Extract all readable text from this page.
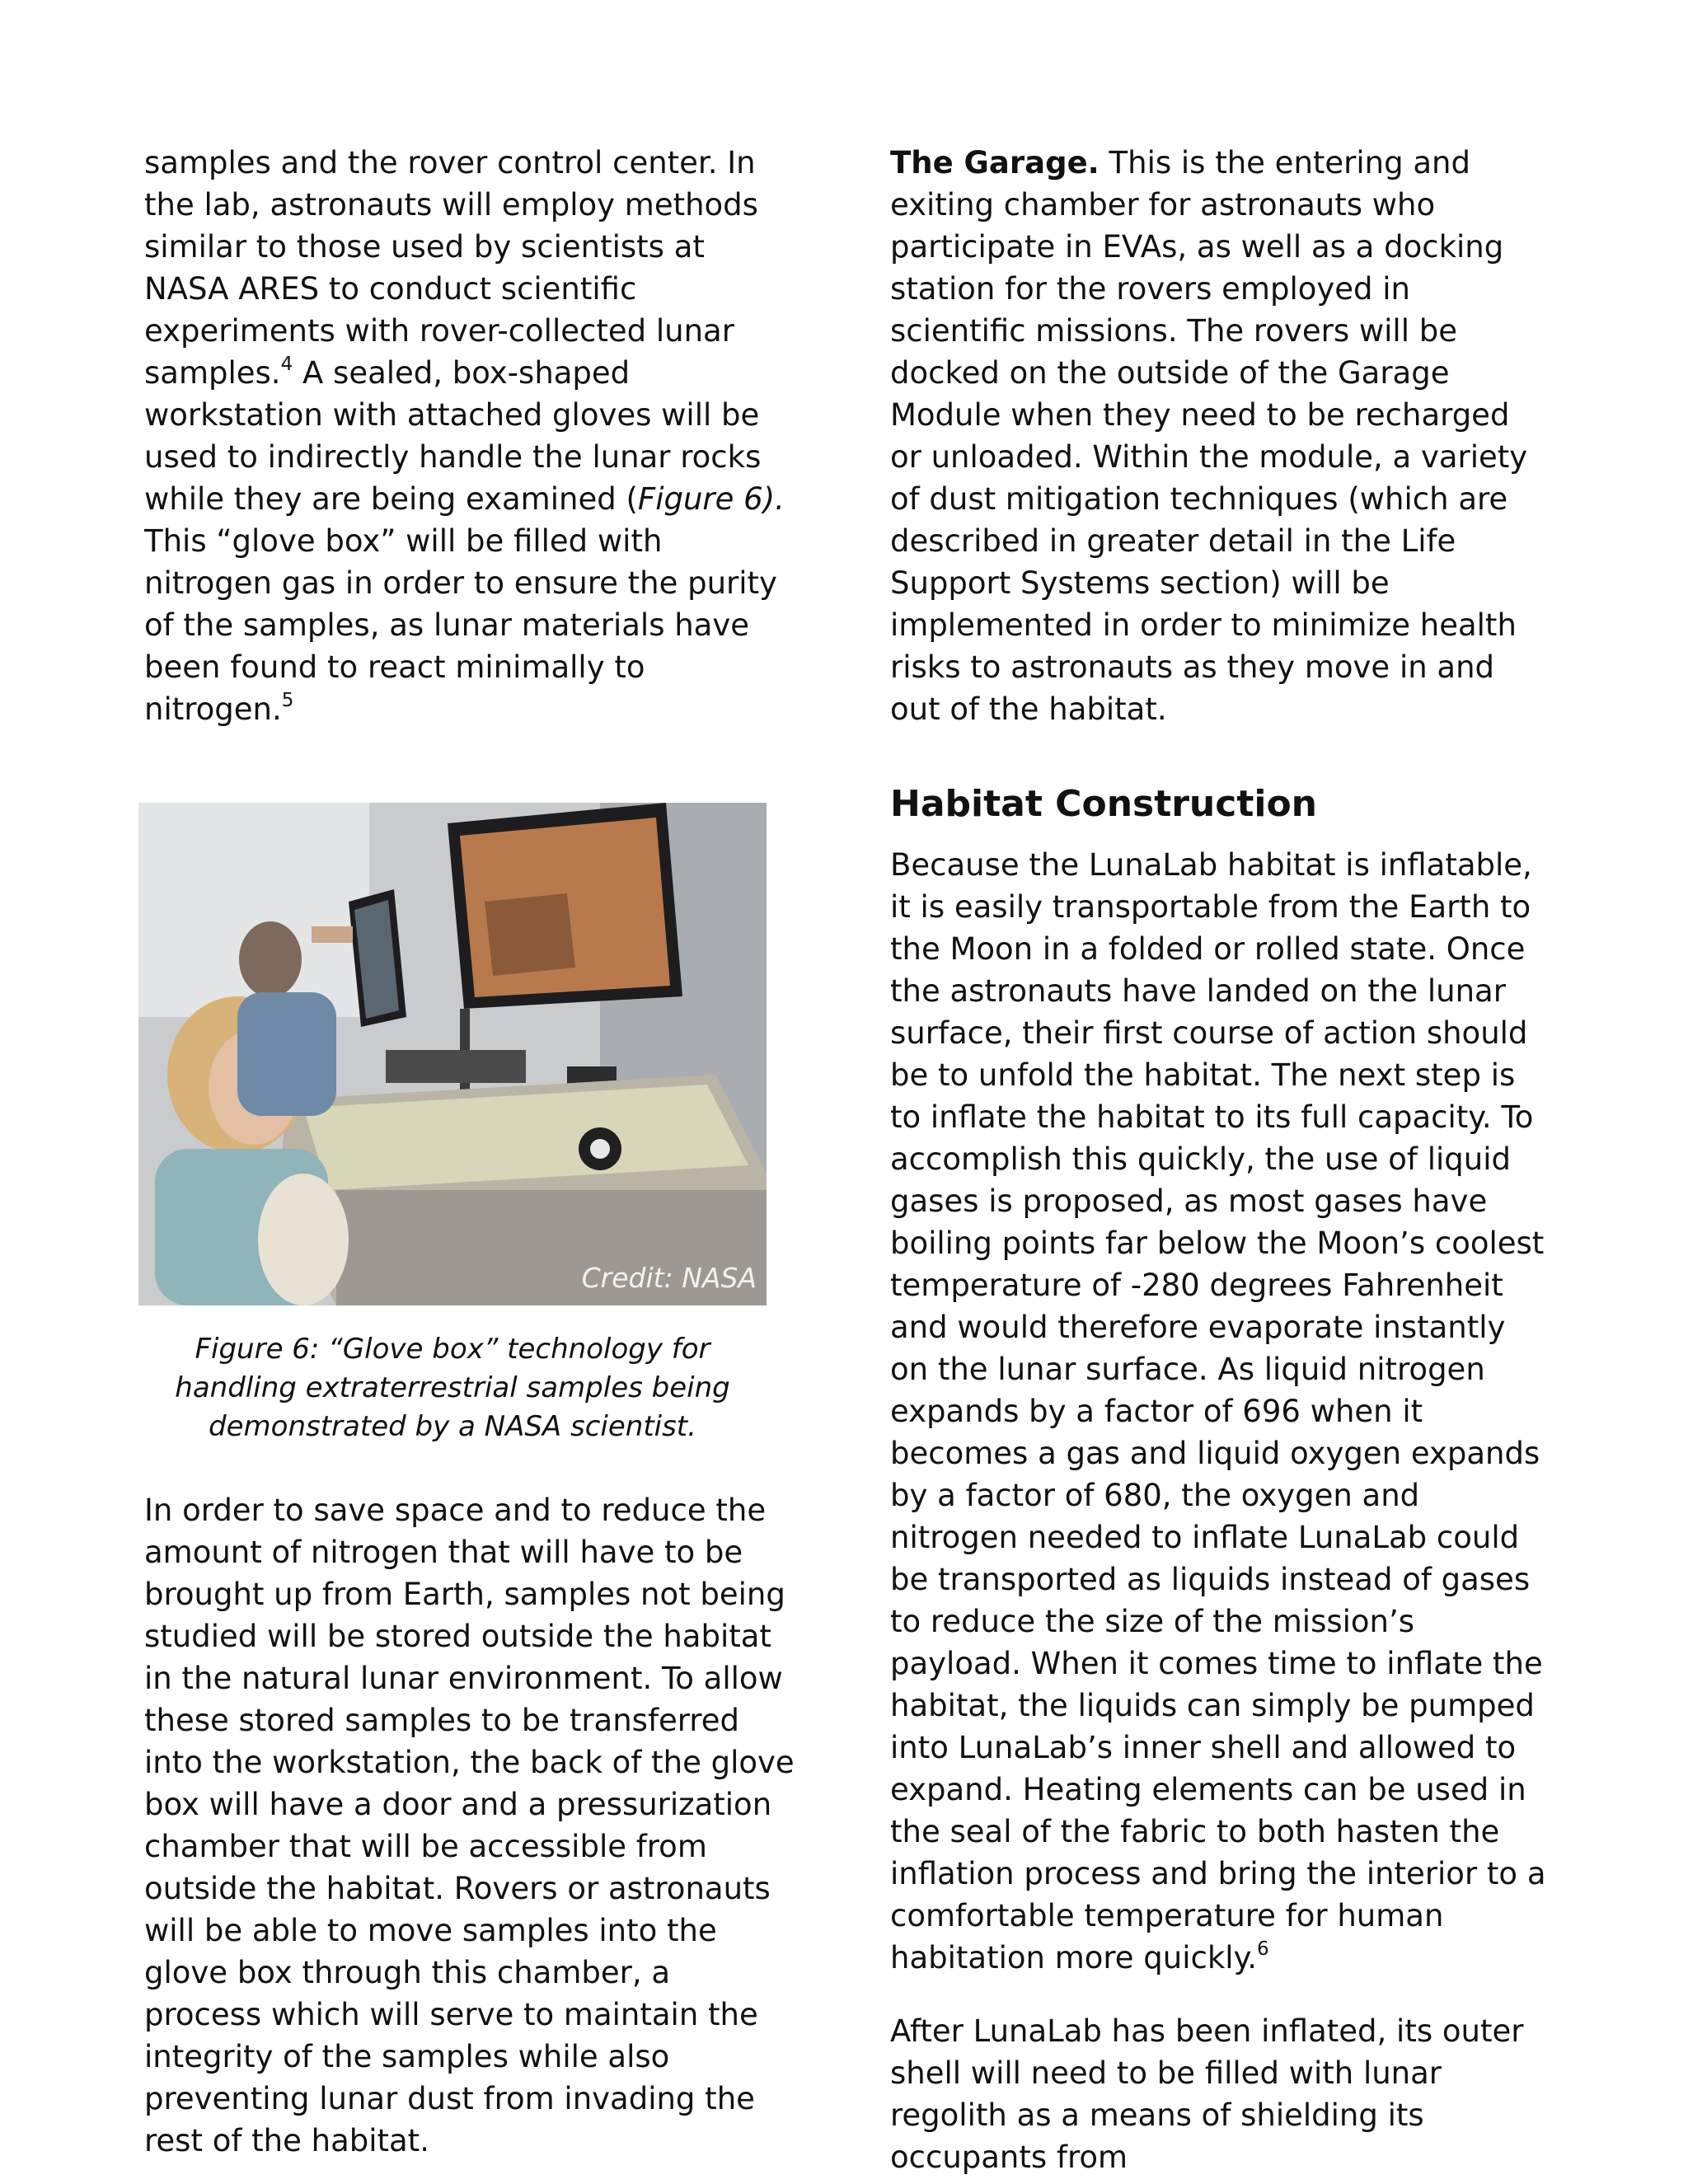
samples and the rover control center. In the lab, astronauts will employ methods similar to those used by scientists at NASA ARES to conduct scientific experiments with rover-collected lunar samples.$^4$ A sealed, box-shaped workstation with attached gloves will be used to indirectly handle the lunar rocks while they are being examined (Figure 6). This “glove box” will be filled with nitrogen gas in order to ensure the purity of the samples, as lunar materials have been found to react minimally to nitrogen.$^5$

Credit: NASA

Figure 6: “Glove box” technology for handling extraterrestrial samples being demonstrated by a NASA scientist.

In order to save space and to reduce the amount of nitrogen that will have to be brought up from Earth, samples not being studied will be stored outside the habitat in the natural lunar environment. To allow these stored samples to be transferred into the workstation, the back of the glove box will have a door and a pressurization chamber that will be accessible from outside the habitat. Rovers or astronauts will be able to move samples into the glove box through this chamber, a process which will serve to maintain the integrity of the samples while also preventing lunar dust from invading the rest of the habitat.

The Garage. This is the entering and exiting chamber for astronauts who participate in EVAs, as well as a docking station for the rovers employed in scientific missions. The rovers will be docked on the outside of the Garage Module when they need to be recharged or unloaded. Within the module, a variety of dust mitigation techniques (which are described in greater detail in the Life Support Systems section) will be implemented in order to minimize health risks to astronauts as they move in and out of the habitat.

Habitat Construction

Because the LunaLab habitat is inflatable, it is easily transportable from the Earth to the Moon in a folded or rolled state. Once the astronauts have landed on the lunar surface, their first course of action should be to unfold the habitat. The next step is to inflate the habitat to its full capacity. To accomplish this quickly, the use of liquid gases is proposed, as most gases have boiling points far below the Moon’s coolest temperature of -280 degrees Fahrenheit and would therefore evaporate instantly on the lunar surface. As liquid nitrogen expands by a factor of 696 when it becomes a gas and liquid oxygen expands by a factor of 680, the oxygen and nitrogen needed to inflate LunaLab could be transported as liquids instead of gases to reduce the size of the mission’s payload. When it comes time to inflate the habitat, the liquids can simply be pumped into LunaLab’s inner shell and allowed to expand. Heating elements can be used in the seal of the fabric to both hasten the inflation process and bring the interior to a comfortable temperature for human habitation more quickly.$^6$

After LunaLab has been inflated, its outer shell will need to be filled with lunar regolith as a means of shielding its occupants from
